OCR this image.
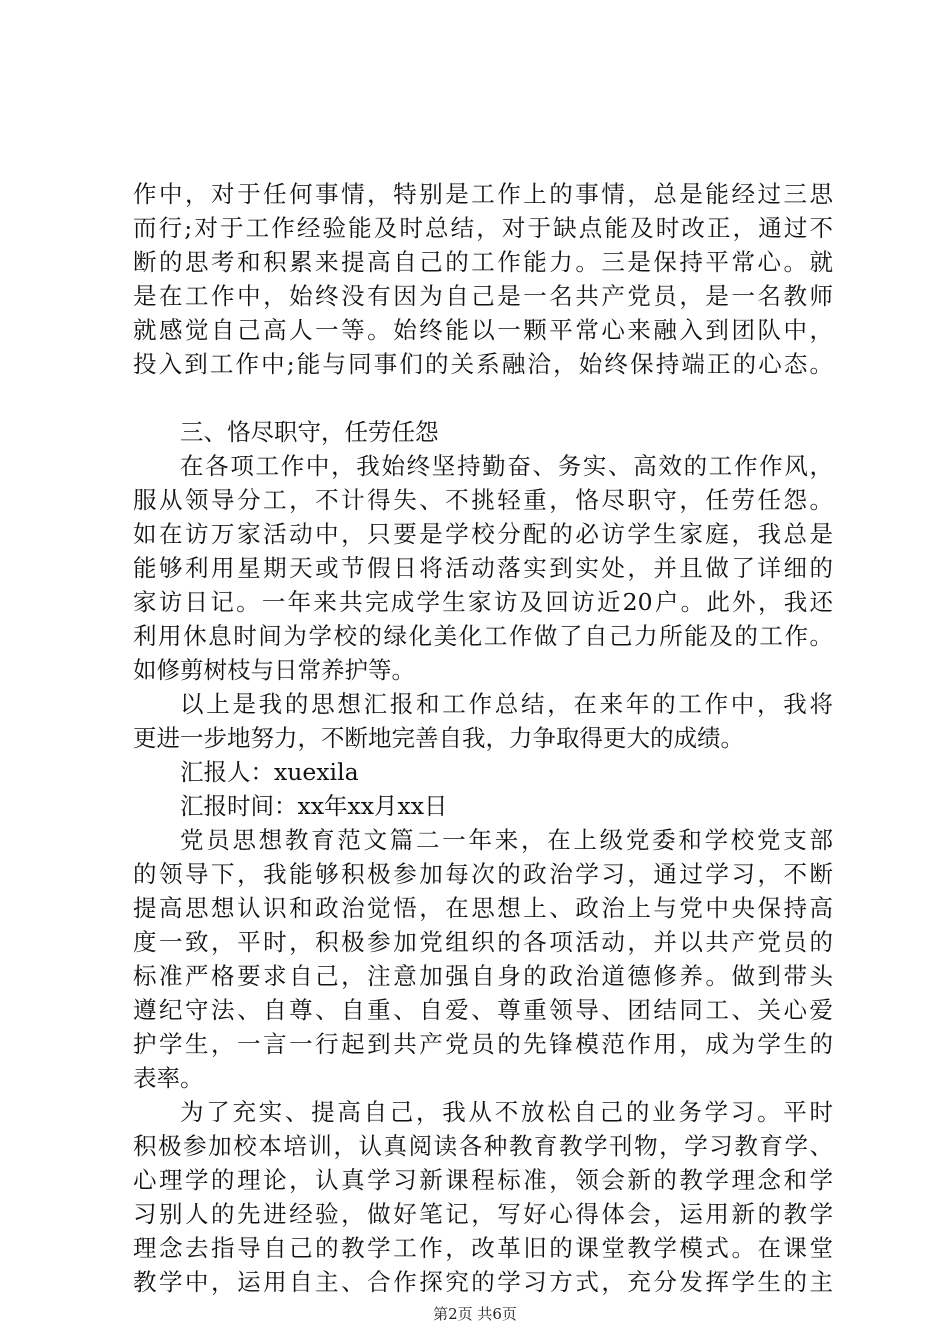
作中，对于任何事情，特别是工作上的事情，总是能经过三思
而行;对于工作经验能及时总结，对于缺点能及时改正，通过不
断的思考和积累来提高自己的工作能力。三是保持平常心。就
是在工作中，始终没有因为自己是一名共产党员，是一名教师
就感觉自己高人一等。始终能以一颗平常心来融入到团队中，
投入到工作中;能与同事们的关系融洽，始终保持端正的心态。
三、恪尽职守，任劳任怨
在各项工作中，我始终坚持勤奋、务实、高效的工作作风，
服从领导分工，不计得失、不挑轻重，恪尽职守，任劳任怨。
如在访万家活动中，只要是学校分配的必访学生家庭，我总是
能够利用星期天或节假日将活动落实到实处，并且做了详细的
家访日记。一年来共完成学生家访及回访近20户。此外，我还
利用休息时间为学校的绿化美化工作做了自己力所能及的工作。
如修剪树枝与日常养护等。
以上是我的思想汇报和工作总结，在来年的工作中，我将
更进一步地努力，不断地完善自我，力争取得更大的成绩。
汇报人：xuexila
汇报时间：xx年xx月xx日
党员思想教育范文篇二一年来，在上级党委和学校党支部
的领导下，我能够积极参加每次的政治学习，通过学习，不断
提高思想认识和政治觉悟，在思想上、政治上与党中央保持高
度一致，平时，积极参加党组织的各项活动，并以共产党员的
标准严格要求自己，注意加强自身的政治道德修养。做到带头
遵纪守法、自尊、自重、自爱、尊重领导、团结同工、关心爱
护学生，一言一行起到共产党员的先锋模范作用，成为学生的
表率。
为了充实、提高自己，我从不放松自己的业务学习。平时
积极参加校本培训，认真阅读各种教育教学刊物，学习教育学、
心理学的理论，认真学习新课程标准，领会新的教学理念和学
习别人的先进经验，做好笔记，写好心得体会，运用新的教学
理念去指导自己的教学工作，改革旧的课堂教学模式。在课堂
教学中，运用自主、合作探究的学习方式，充分发挥学生的主
第2页 共6页
